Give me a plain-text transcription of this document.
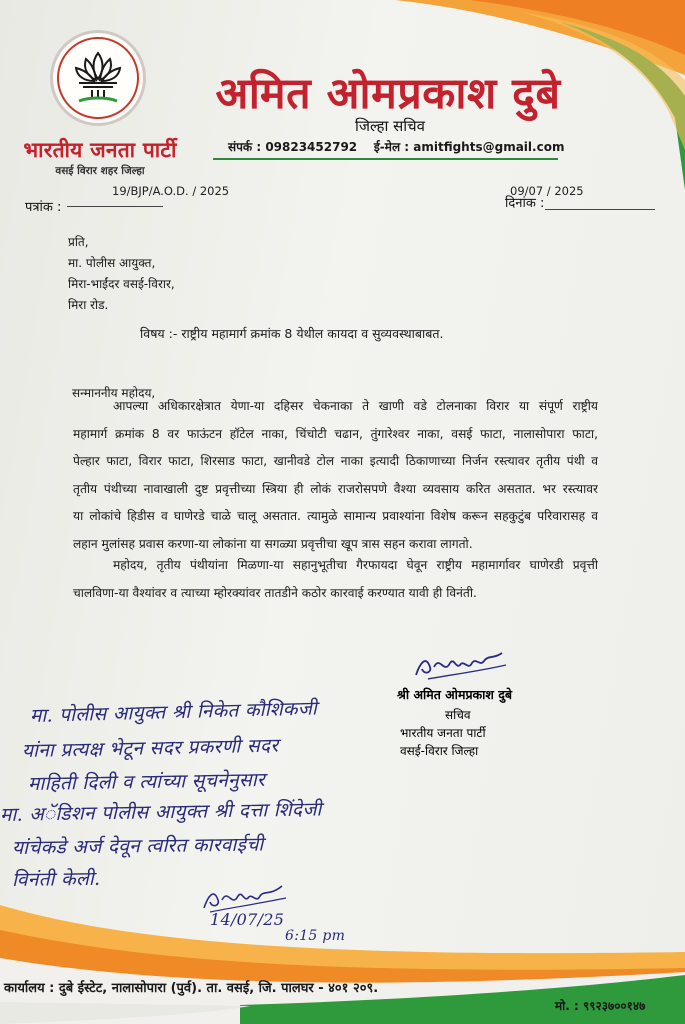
भारतीय जनता पार्टी
वसई विरार शहर जिल्हा
अमित ओमप्रकाश दुबे
जिल्हा सचिव
संपर्क : 09823452792 ई-मेल : amitfights@gmail.com
पत्रांक :
19/BJP/A.O.D. / 2025
दिनांक :
09/07 / 2025
प्रति,
मा. पोलीस आयुक्त,
मिरा-भाईंदर वसई-विरार,
मिरा रोड.
विषय :- राष्ट्रीय महामार्ग क्रमांक 8 येथील कायदा व सुव्यवस्थाबाबत.
सन्माननीय महोदय,
आपल्या अधिकारक्षेत्रात येणा-या दहिसर चेकनाका ते खाणी वडे टोलनाका विरार या संपूर्ण राष्ट्रीय
महामार्ग क्रमांक 8 वर फाऊंटन हॉटेल नाका, चिंचोटी चढान, तुंगारेश्वर नाका, वसई फाटा, नालासोपारा फाटा,
पेल्हार फाटा, विरार फाटा, शिरसाड फाटा, खानीवडे टोल नाका इत्यादी ठिकाणाच्या निर्जन रस्त्यावर तृतीय पंथी व
तृतीय पंथीच्या नावाखाली दुष्ट प्रवृत्तीच्या स्त्रिया ही लोकं राजरोसपणे वैश्या व्यवसाय करित असतात. भर रस्त्यावर
या लोकांचे हिडीस व घाणेरडे चाळे चालू असतात. त्यामुळे सामान्य प्रवाश्यांना विशेष करून सहकुटुंब परिवारासह व
लहान मुलांसह प्रवास करणा-या लोकांना या सगळ्या प्रवृत्तीचा खूप त्रास सहन करावा लागतो.
महोदय, तृतीय पंथीयांना मिळणा-या सहानुभूतीचा गैरफायदा घेवून राष्ट्रीय महामार्गावर घाणेरडी प्रवृत्ती
चालविणा-या वैश्यांवर व त्याच्या म्होरक्यांवर तातडीने कठोर कारवाई करण्यात यावी ही विनंती.
श्री अमित ओमप्रकाश दुबे
सचिव
भारतीय जनता पार्टी
वसई-विरार जिल्हा
मा. पोलीस आयुक्त श्री निकेत कौशिकजी
यांना प्रत्यक्ष भेटून सदर प्रकरणी सदर
माहिती दिली व त्यांच्या सूचनेनुसार
मा. अॅडिशन पोलीस आयुक्त श्री दत्ता शिंदेजी
यांचेकडे अर्ज देवून त्वरित कारवाईची
विनंती केली.
14/07/25
6:15 pm
कार्यालय : दुबे ईस्टेट, नालासोपारा (पुर्व). ता. वसई, जि. पालघर - ४०१ २०९.
मो. : ९९२३७००१४७
